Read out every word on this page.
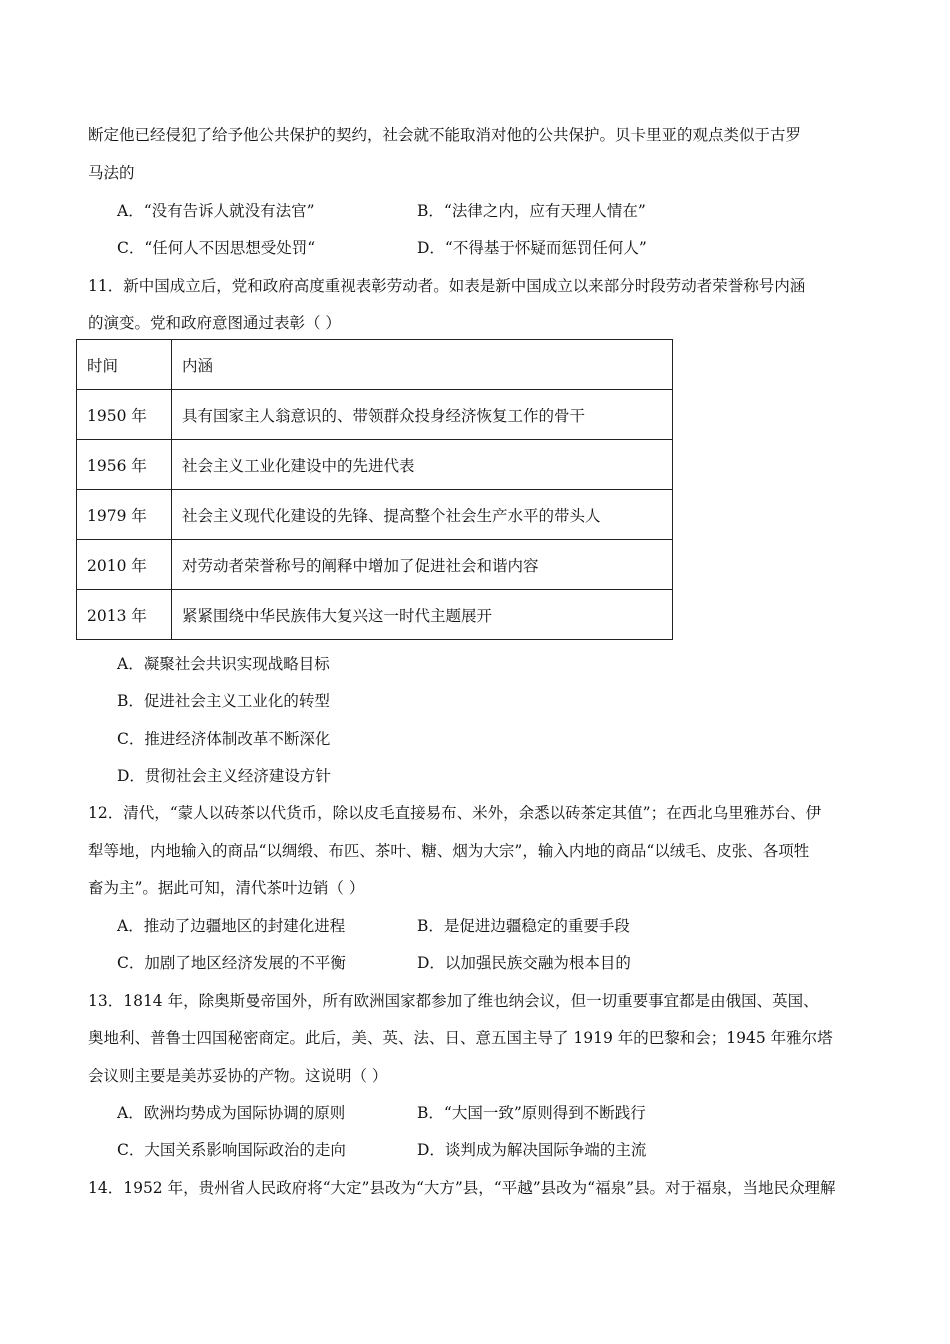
断定他已经侵犯了给予他公共保护的契约，社会就不能取消对他的公共保护。贝卡里亚的观点类似于古罗
马法的
A．“没有告诉人就没有法官”	B．“法律之内，应有天理人情在”
C．“任何人不因思想受处罚“	D．“不得基于怀疑而惩罚任何人”
11．新中国成立后，党和政府高度重视表彰劳动者。如表是新中国成立以来部分时段劳动者荣誉称号内涵
的演变。党和政府意图通过表彰（ ）
时间	内涵
1950 年	具有国家主人翁意识的、带领群众投身经济恢复工作的骨干
1956 年	社会主义工业化建设中的先进代表
1979 年	社会主义现代化建设的先锋、提高整个社会生产水平的带头人
2010 年	对劳动者荣誉称号的阐释中增加了促进社会和谐内容
2013 年	紧紧围绕中华民族伟大复兴这一时代主题展开
A．凝聚社会共识实现战略目标
B．促进社会主义工业化的转型
C．推进经济体制改革不断深化
D．贯彻社会主义经济建设方针
12．清代，“蒙人以砖茶以代货币，除以皮毛直接易布、米外，余悉以砖茶定其值”；在西北乌里雅苏台、伊
犁等地，内地输入的商品“以绸缎、布匹、茶叶、糖、烟为大宗”，输入内地的商品“以绒毛、皮张、各项牲
畜为主”。据此可知，清代茶叶边销（ ）
A．推动了边疆地区的封建化进程	B．是促进边疆稳定的重要手段
C．加剧了地区经济发展的不平衡	D．以加强民族交融为根本目的
13．1814 年，除奥斯曼帝国外，所有欧洲国家都参加了维也纳会议，但一切重要事宜都是由俄国、英国、
奥地利、普鲁士四国秘密商定。此后，美、英、法、日、意五国主导了 1919 年的巴黎和会；1945 年雅尔塔
会议则主要是美苏妥协的产物。这说明（ ）
A．欧洲均势成为国际协调的原则	B．“大国一致”原则得到不断践行
C．大国关系影响国际政治的走向	D．谈判成为解决国际争端的主流
14．1952 年，贵州省人民政府将“大定”县改为“大方”县，“平越”县改为“福泉”县。对于福泉，当地民众理解
